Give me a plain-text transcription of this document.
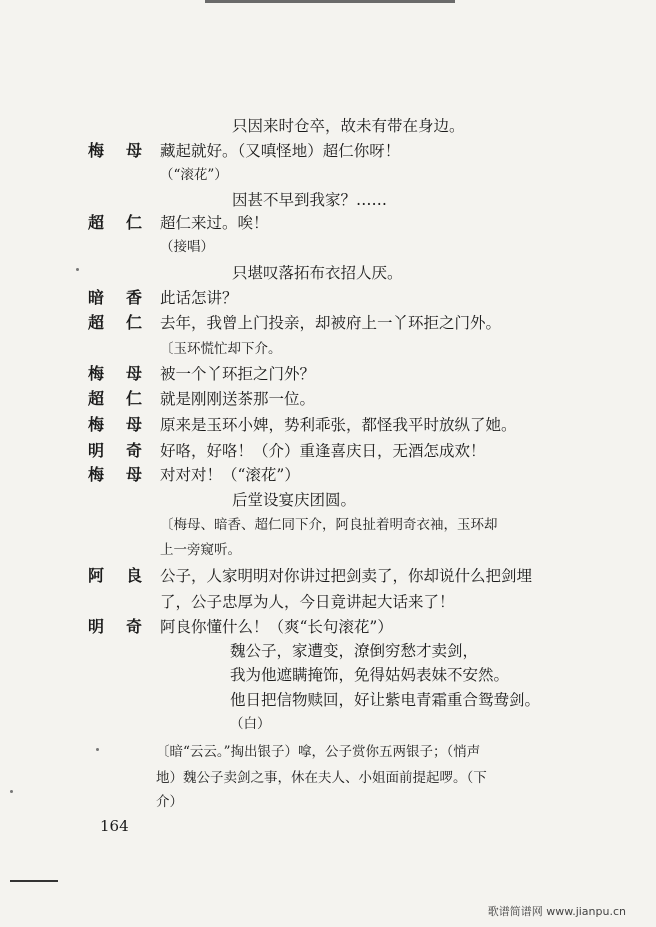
只因来时仓卒，故未有带在身边。
梅母
藏起就好。（又嗔怪地）超仁你呀！
（“滚花”）
因甚不早到我家？……
超仁
超仁来过。唉！
（接唱）
只堪叹落拓布衣招人厌。
暗香
此话怎讲？
超仁
去年，我曾上门投亲，却被府上一丫环拒之门外。
〔玉环慌忙却下介。
梅母
被一个丫环拒之门外？
超仁
就是刚刚送茶那一位。
梅母
原来是玉环小婢，势利乖张，都怪我平时放纵了她。
明奇
好咯，好咯！（介）重逢喜庆日，无酒怎成欢！
梅母
对对对！（“滚花”）
后堂设宴庆团圆。
〔梅母、暗香、超仁同下介，阿良扯着明奇衣袖，玉环却
上一旁窥听。
阿良
公子，人家明明对你讲过把剑卖了，你却说什么把剑埋
了，公子忠厚为人，今日竟讲起大话来了！
明奇
阿良你懂什么！（爽“长句滚花”）
魏公子，家遭变，潦倒穷愁才卖剑，
我为他遮瞒掩饰，免得姑妈表妹不安然。
他日把信物赎回，好让紫电青霜重合鸳鸯剑。
（白）
〔暗“云云。”掏出银子）嗱，公子赏你五两银子；（悄声
地）魏公子卖剑之事，休在夫人、小姐面前提起啰。（下
介）
164
歌谱简谱网 www.jianpu.cn
